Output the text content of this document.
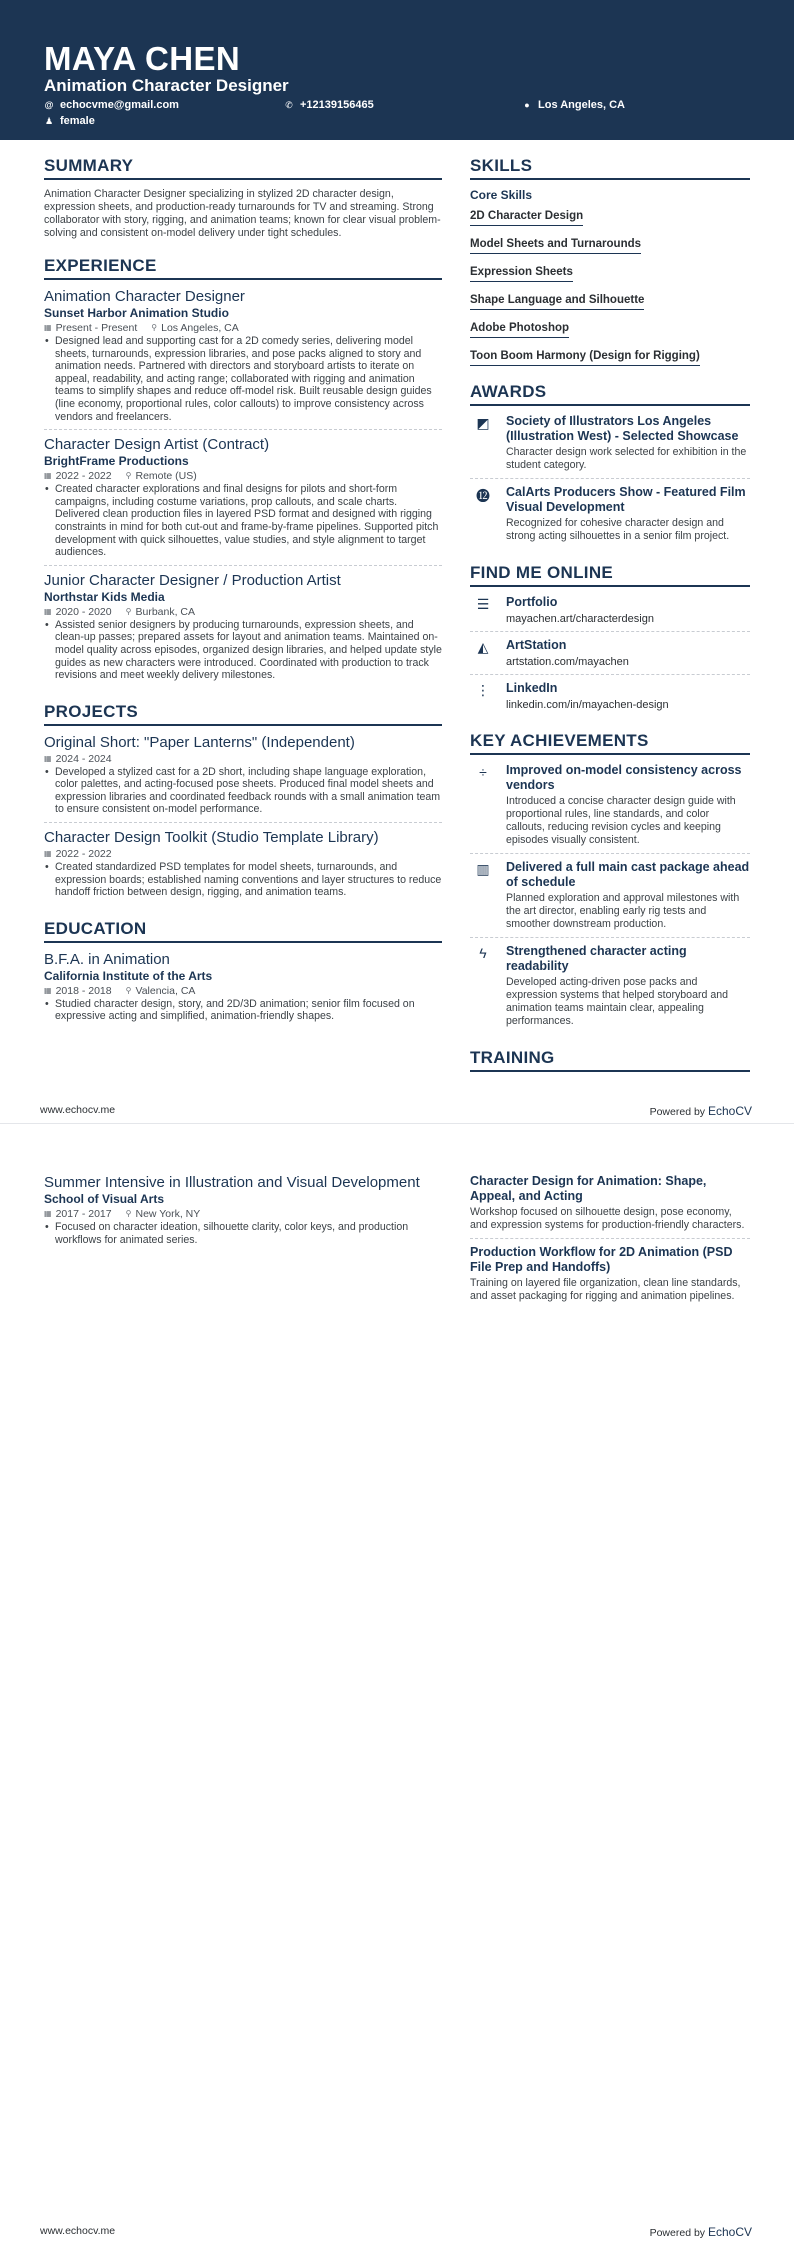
MAYA CHEN
Animation Character Designer
@ echocvme@gmail.com	✆ +12139156465	● Los Angeles, CA
♟ female
SUMMARY
Animation Character Designer specializing in stylized 2D character design, expression sheets, and production-ready turnarounds for TV and streaming. Strong collaborator with story, rigging, and animation teams; known for clear visual problem-solving and consistent on-model delivery under tight schedules.
EXPERIENCE
Animation Character Designer
Sunset Harbor Animation Studio
▦ Present - Present ⚲ Los Angeles, CA
• Designed lead and supporting cast for a 2D comedy series, delivering model sheets, turnarounds, expression libraries, and pose packs aligned to story and animation needs. Partnered with directors and storyboard artists to iterate on appeal, readability, and acting range; collaborated with rigging and animation teams to simplify shapes and reduce off-model risk. Built reusable design guides (line economy, proportional rules, color callouts) to improve consistency across vendors and freelancers.
Character Design Artist (Contract)
BrightFrame Productions
▦ 2022 - 2022 ⚲ Remote (US)
• Created character explorations and final designs for pilots and short-form campaigns, including costume variations, prop callouts, and scale charts. Delivered clean production files in layered PSD format and designed with rigging constraints in mind for both cut-out and frame-by-frame pipelines. Supported pitch development with quick silhouettes, value studies, and style alignment to target audiences.
Junior Character Designer / Production Artist
Northstar Kids Media
▦ 2020 - 2020 ⚲ Burbank, CA
• Assisted senior designers by producing turnarounds, expression sheets, and clean-up passes; prepared assets for layout and animation teams. Maintained on-model quality across episodes, organized design libraries, and helped update style guides as new characters were introduced. Coordinated with production to track revisions and meet weekly delivery milestones.
PROJECTS
Original Short: "Paper Lanterns" (Independent)
▦ 2024 - 2024
• Developed a stylized cast for a 2D short, including shape language exploration, color palettes, and acting-focused pose sheets. Produced final model sheets and expression libraries and coordinated feedback rounds with a small animation team to ensure consistent on-model performance.
Character Design Toolkit (Studio Template Library)
▦ 2022 - 2022
• Created standardized PSD templates for model sheets, turnarounds, and expression boards; established naming conventions and layer structures to reduce handoff friction between design, rigging, and animation teams.
EDUCATION
B.F.A. in Animation
California Institute of the Arts
▦ 2018 - 2018 ⚲ Valencia, CA
• Studied character design, story, and 2D/3D animation; senior film focused on expressive acting and simplified, animation-friendly shapes.
SKILLS
Core Skills
2D Character Design
Model Sheets and Turnarounds
Expression Sheets
Shape Language and Silhouette
Adobe Photoshop
Toon Boom Harmony (Design for Rigging)
AWARDS
◩	Society of Illustrators Los Angeles (Illustration West) - Selected Showcase
Character design work selected for exhibition in the student category.
⓬	CalArts Producers Show - Featured Film Visual Development
Recognized for cohesive character design and strong acting silhouettes in a senior film project.
FIND ME ONLINE
☰	Portfolio
mayachen.art/characterdesign
◭	ArtStation
artstation.com/mayachen
⋮	LinkedIn
linkedin.com/in/mayachen-design
KEY ACHIEVEMENTS
÷	Improved on-model consistency across vendors
Introduced a concise character design guide with proportional rules, line standards, and color callouts, reducing revision cycles and keeping episodes visually consistent.
▥	Delivered a full main cast package ahead of schedule
Planned exploration and approval milestones with the art director, enabling early rig tests and smoother downstream production.
ϟ	Strengthened character acting readability
Developed acting-driven pose packs and expression systems that helped storyboard and animation teams maintain clear, appealing performances.
TRAINING
www.echocv.me	Powered by EchoCV
Summer Intensive in Illustration and Visual Development
School of Visual Arts
▦ 2017 - 2017 ⚲ New York, NY
• Focused on character ideation, silhouette clarity, color keys, and production workflows for animated series.
Character Design for Animation: Shape, Appeal, and Acting
Workshop focused on silhouette design, pose economy, and expression systems for production-friendly characters.
Production Workflow for 2D Animation (PSD File Prep and Handoffs)
Training on layered file organization, clean line standards, and asset packaging for rigging and animation pipelines.
www.echocv.me	Powered by EchoCV
